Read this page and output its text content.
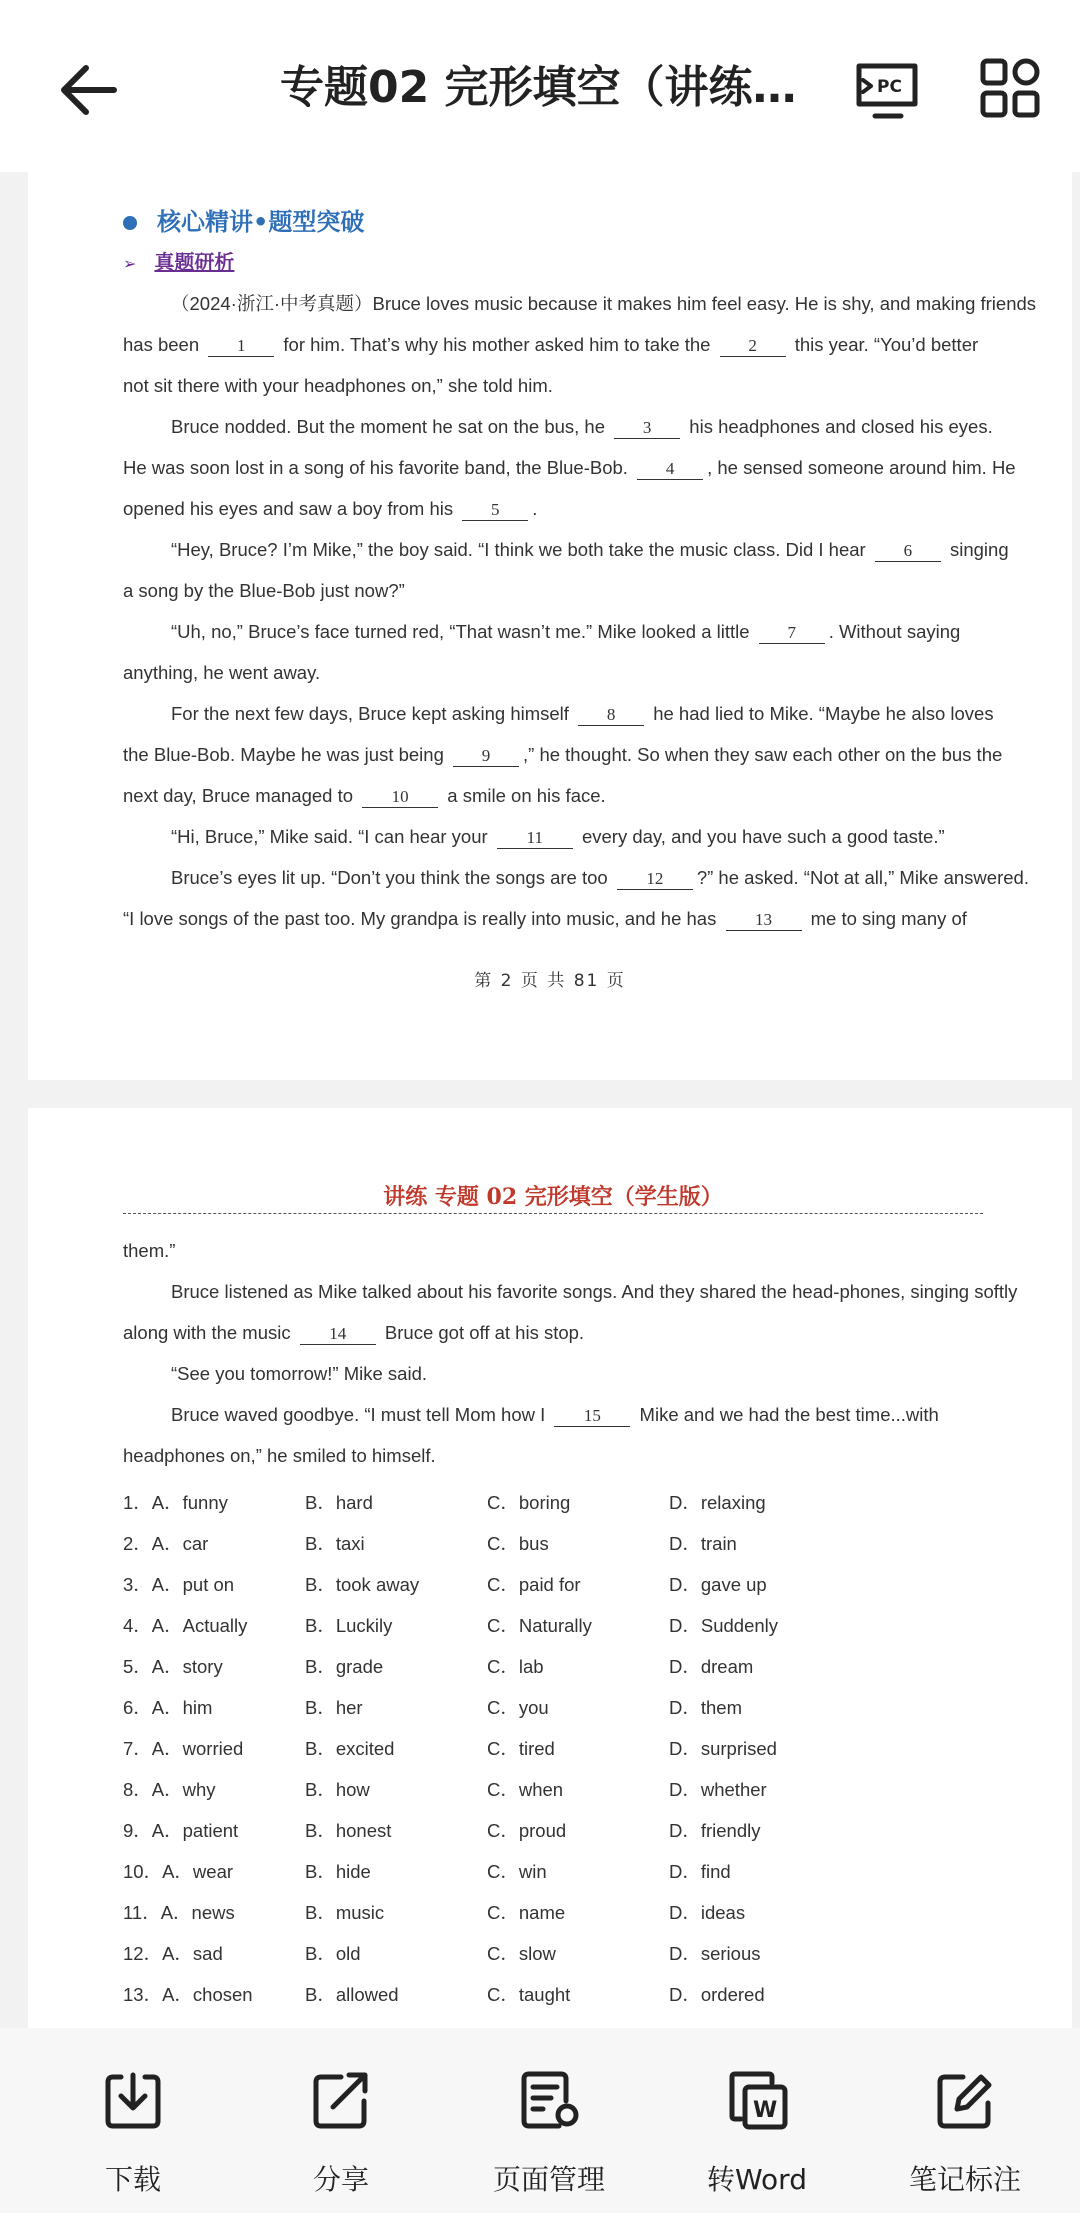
专题02 完形填空（讲练…	PC
核心精讲•题型突破
➢ 真题研析
（2024·浙江·中考真题）Bruce loves music because it makes him feel easy. He is shy, and making friends
has been 1 for him. That’s why his mother asked him to take the 2 this year. “You’d better
not sit there with your headphones on,” she told him.
Bruce nodded. But the moment he sat on the bus, he 3 his headphones and closed his eyes.
He was soon lost in a song of his favorite band, the Blue-Bob. 4 , he sensed someone around him. He
opened his eyes and saw a boy from his 5 .
“Hey, Bruce? I’m Mike,” the boy said. “I think we both take the music class. Did I hear 6 singing
a song by the Blue-Bob just now?”
“Uh, no,” Bruce’s face turned red, “That wasn’t me.” Mike looked a little 7 . Without saying
anything, he went away.
For the next few days, Bruce kept asking himself 8 he had lied to Mike. “Maybe he also loves
the Blue-Bob. Maybe he was just being 9 ,” he thought. So when they saw each other on the bus the
next day, Bruce managed to 10 a smile on his face.
“Hi, Bruce,” Mike said. “I can hear your 11 every day, and you have such a good taste.”
Bruce’s eyes lit up. “Don’t you think the songs are too 12 ?” he asked. “Not at all,” Mike answered.
“I love songs of the past too. My grandpa is really into music, and he has 13 me to sing many of
第 2 页 共 81 页
讲练 专题 02 完形填空（学生版）
them.”
Bruce listened as Mike talked about his favorite songs. And they shared the head-phones, singing softly
along with the music 14 Bruce got off at his stop.
“See you tomorrow!” Mike said.
Bruce waved goodbye. “I must tell Mom how I 15 Mike and we had the best time...with
headphones on,” he smiled to himself.
1．A．funny	B．hard	C．boring	D．relaxing
2．A．car	B．taxi	C．bus	D．train
3．A．put on	B．took away	C．paid for	D．gave up
4．A．Actually	B．Luckily	C．Naturally	D．Suddenly
5．A．story	B．grade	C．lab	D．dream
6．A．him	B．her	C．you	D．them
7．A．worried	B．excited	C．tired	D．surprised
8．A．why	B．how	C．when	D．whether
9．A．patient	B．honest	C．proud	D．friendly
10．A．wear	B．hide	C．win	D．find
11．A．news	B．music	C．name	D．ideas
12．A．sad	B．old	C．slow	D．serious
13．A．chosen	B．allowed	C．taught	D．ordered
下载	分享	页面管理
W
转Word	笔记标注
